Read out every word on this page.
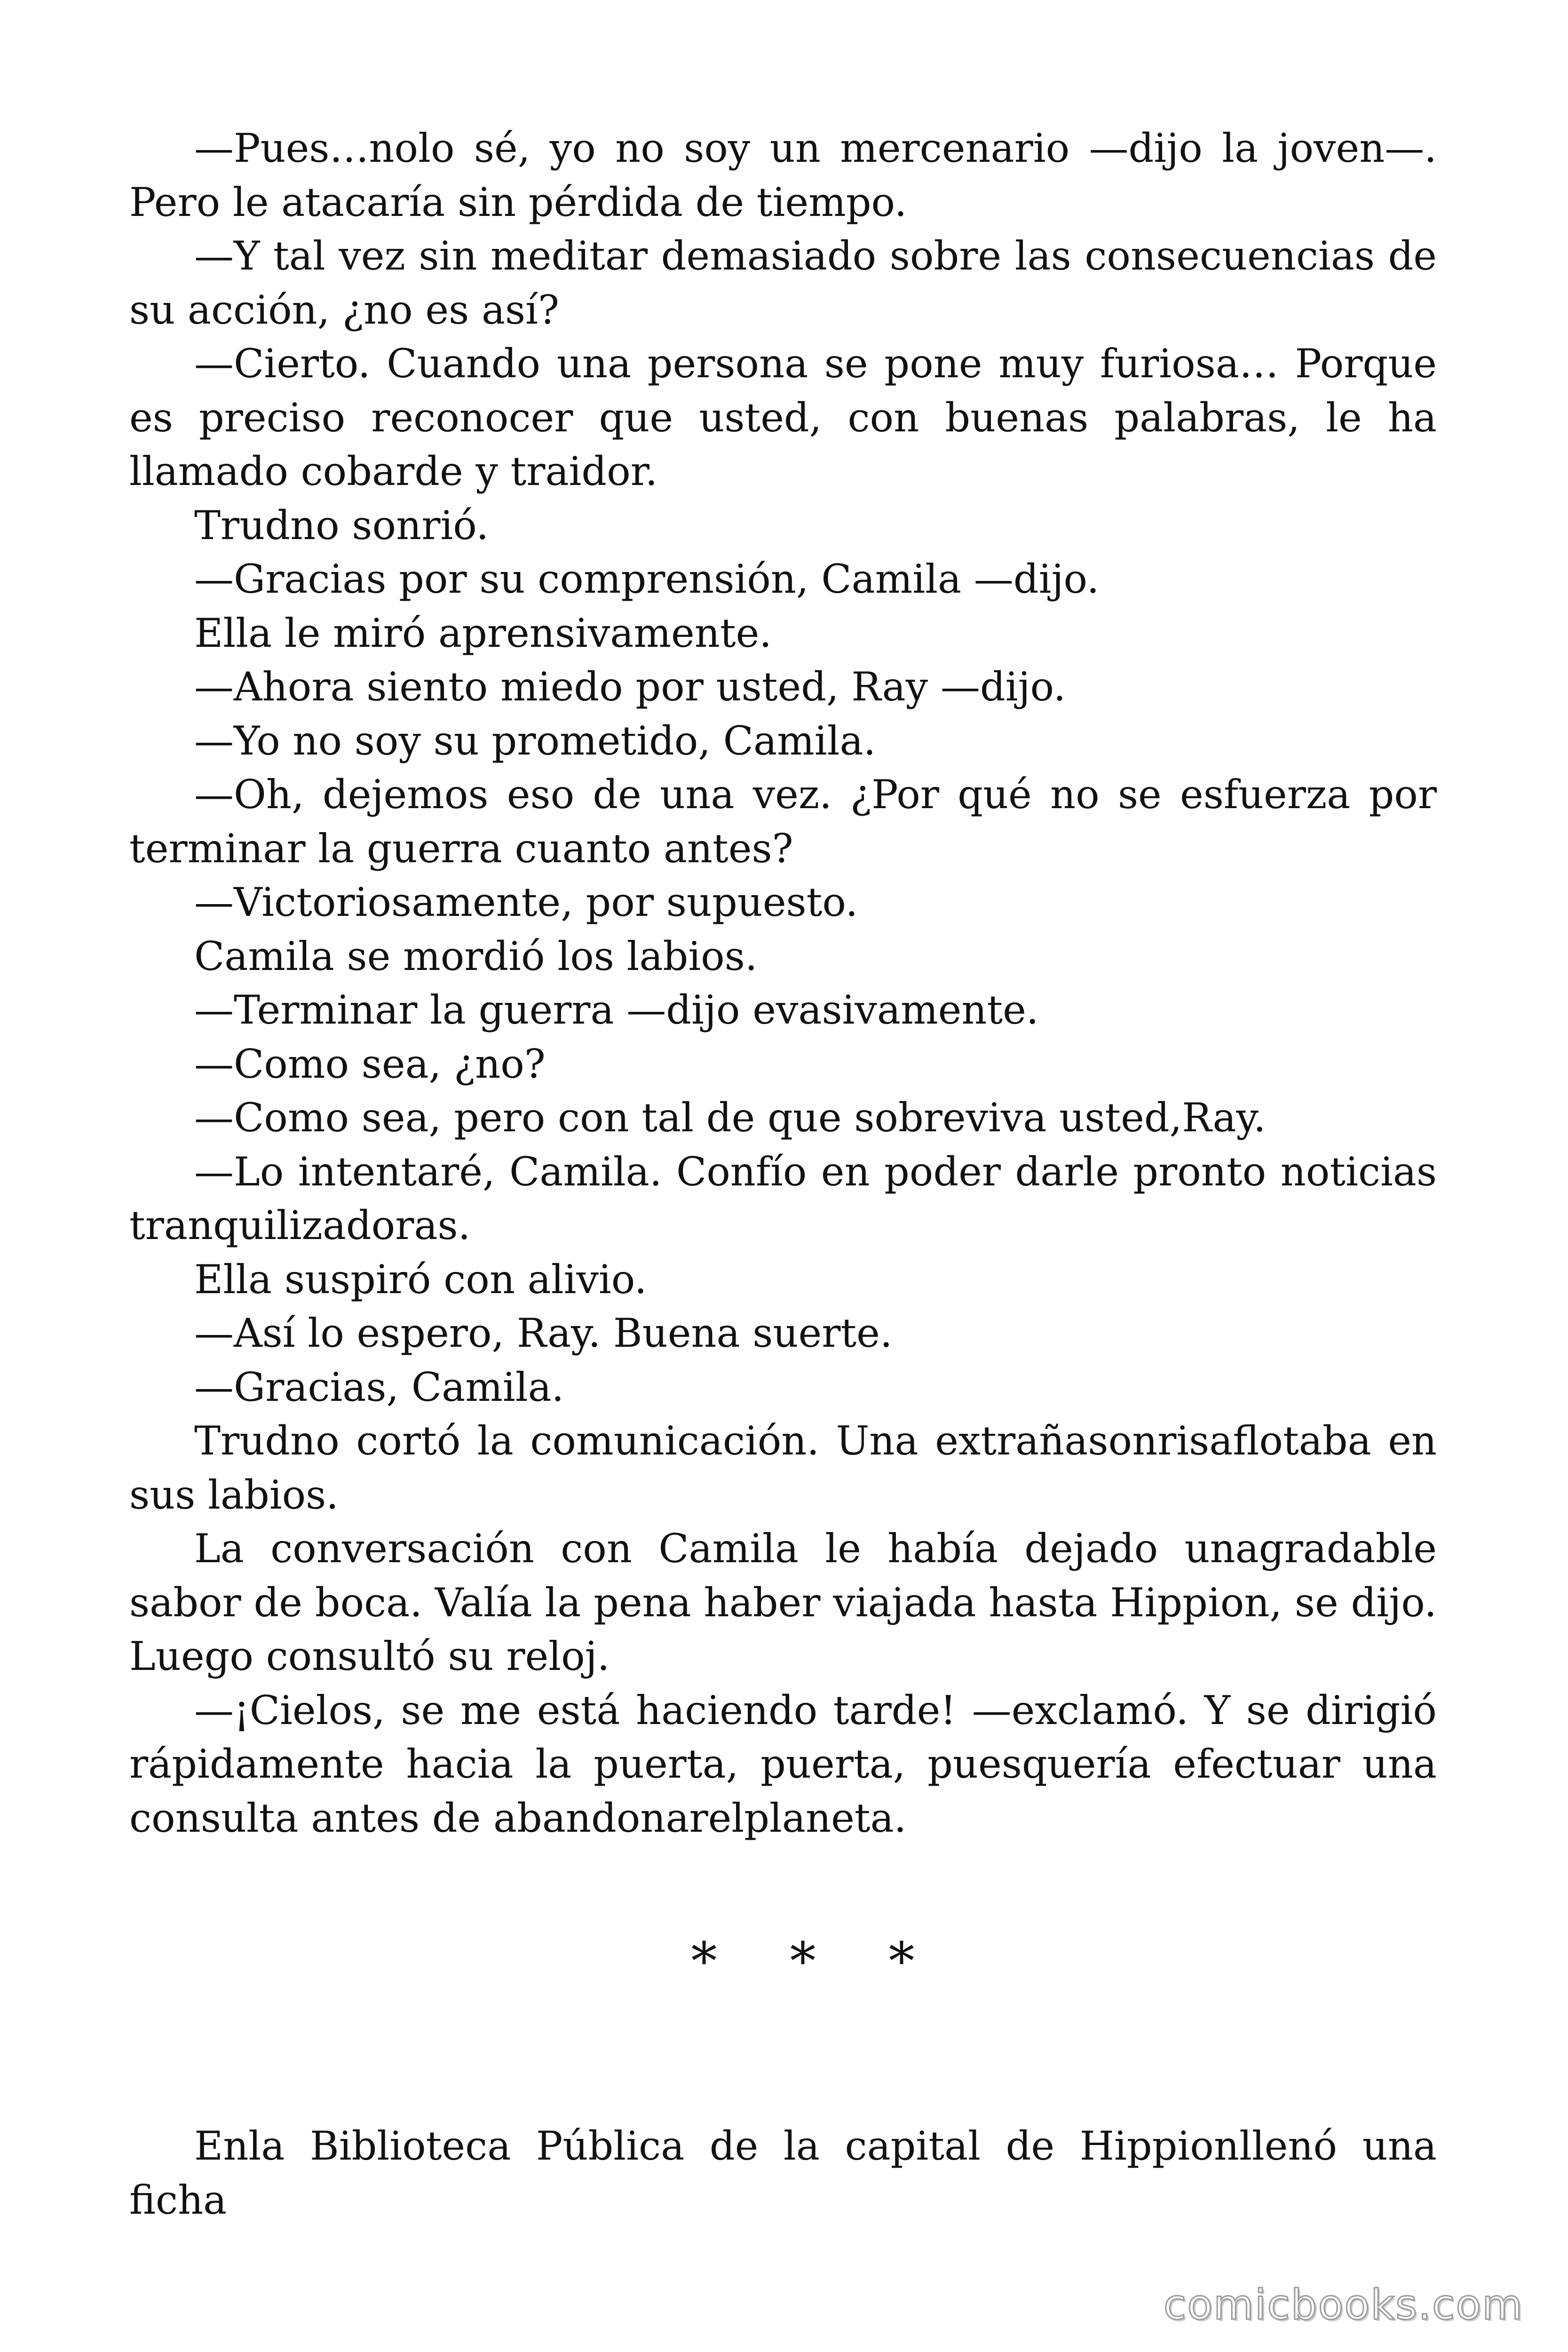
—Pues…nolo sé, yo no soy un mercenario —dijo la joven—. Pero le atacaría sin pérdida de tiempo.

—Y tal vez sin meditar demasiado sobre las consecuencias de su acción, ¿no es así?

—Cierto. Cuando una persona se pone muy furiosa… Porque es preciso reconocer que usted, con buenas palabras, le ha llamado cobarde y traidor.

Trudno sonrió.

—Gracias por su comprensión, Camila —dijo.

Ella le miró aprensivamente.

—Ahora siento miedo por usted, Ray —dijo.

—Yo no soy su prometido, Camila.

—Oh, dejemos eso de una vez. ¿Por qué no se esfuerza por terminar la guerra cuanto antes?

—Victoriosamente, por supuesto.

Camila se mordió los labios.

—Terminar la guerra —dijo evasivamente.

—Como sea, ¿no?

—Como sea, pero con tal de que sobreviva usted,Ray.

—Lo intentaré, Camila. Confío en poder darle pronto noticias tranquilizadoras.

Ella suspiró con alivio.

—Así lo espero, Ray. Buena suerte.

—Gracias, Camila.

Trudno cortó la comunicación. Una extrañasonrisaflotaba en sus labios.

La conversación con Camila le había dejado unagradable sabor de boca. Valía la pena haber viajada hasta Hippion, se dijo. Luego consultó su reloj.

—¡Cielos, se me está haciendo tarde! —exclamó. Y se dirigió rápidamente hacia la puerta, puerta, puesquería efectuar una consulta antes de abandonarelplaneta.

* * *

Enla Biblioteca Pública de la capital de Hippionllenó una ficha

comicbooks.com
